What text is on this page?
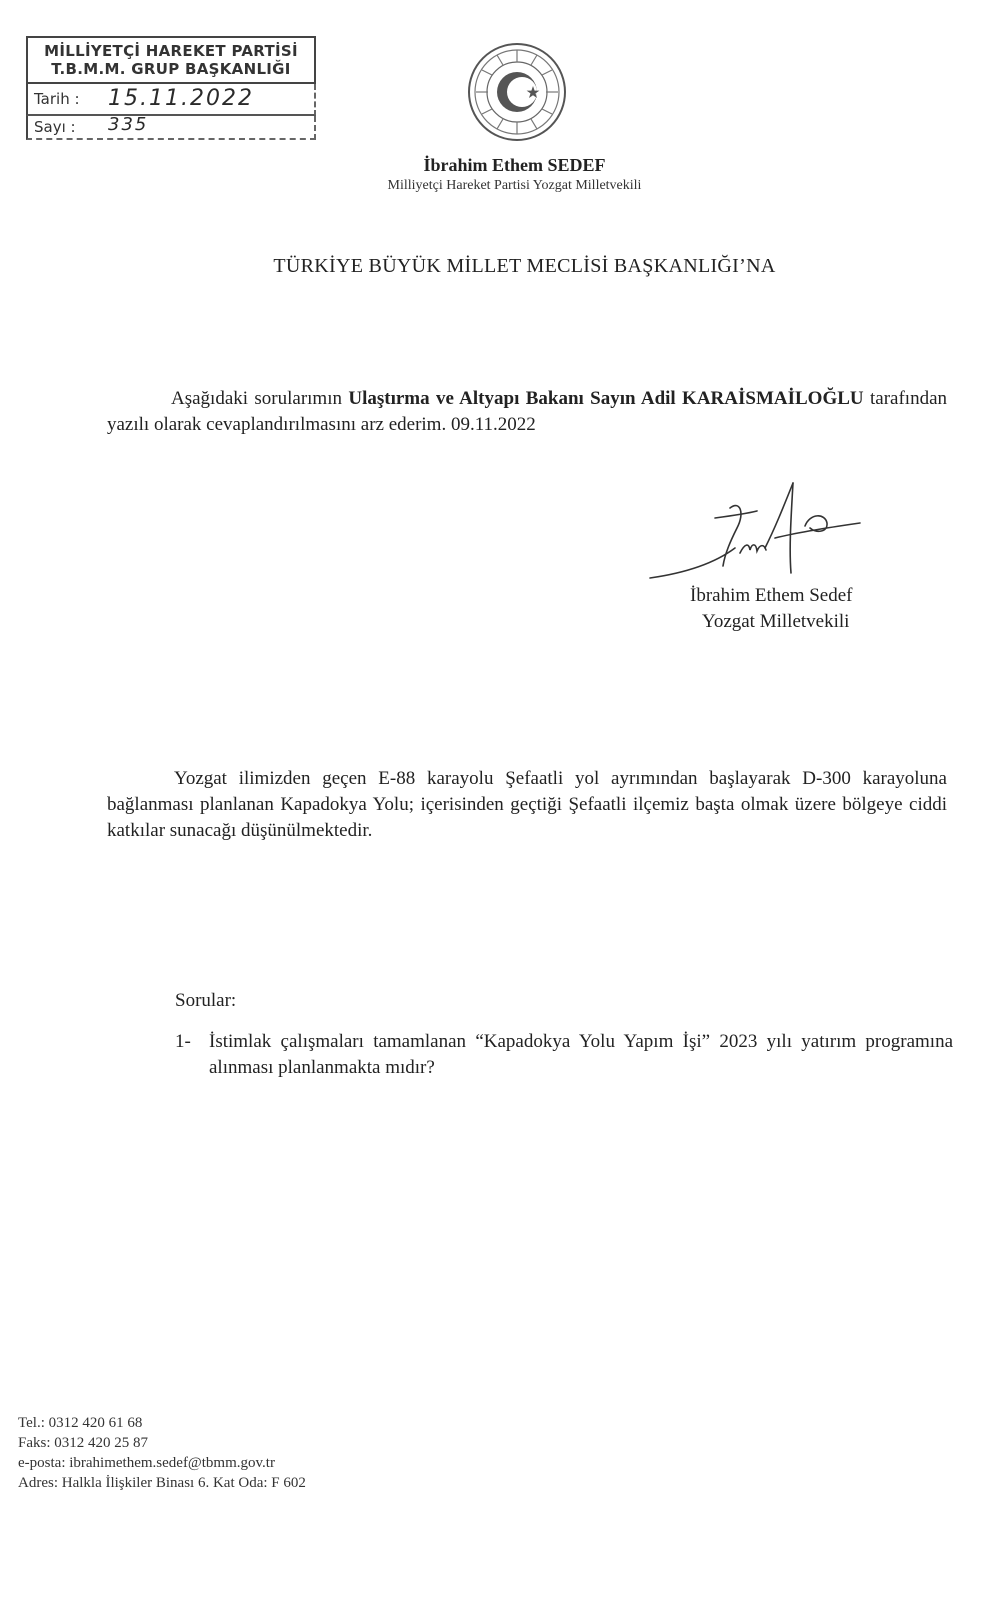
MİLLİYETÇİ HAREKET PARTİSİ
T.B.M.M. GRUP BAŞKANLIĞI
Tarih : 15.11.2022
Sayı : 335
İbrahim Ethem SEDEF
Milliyetçi Hareket Partisi Yozgat Milletvekili
TÜRKİYE BÜYÜK MİLLET MECLİSİ BAŞKANLIĞI’NA
Aşağıdaki sorularımın Ulaştırma ve Altyapı Bakanı Sayın Adil KARAİSMAİLOĞLU tarafından yazılı olarak cevaplandırılmasını arz ederim. 09.11.2022
İbrahim Ethem Sedef
Yozgat Milletvekili
Yozgat ilimizden geçen E-88 karayolu Şefaatli yol ayrımından başlayarak D-300 karayoluna bağlanması planlanan Kapadokya Yolu; içerisinden geçtiği Şefaatli ilçemiz başta olmak üzere bölgeye ciddi katkılar sunacağı düşünülmektedir.
Sorular:
1- İstimlak çalışmaları tamamlanan “Kapadokya Yolu Yapım İşi” 2023 yılı yatırım programına alınması planlanmakta mıdır?
Tel.: 0312 420 61 68
Faks: 0312 420 25 87
e-posta: ibrahimethem.sedef@tbmm.gov.tr
Adres: Halkla İlişkiler Binası 6. Kat Oda: F 602
